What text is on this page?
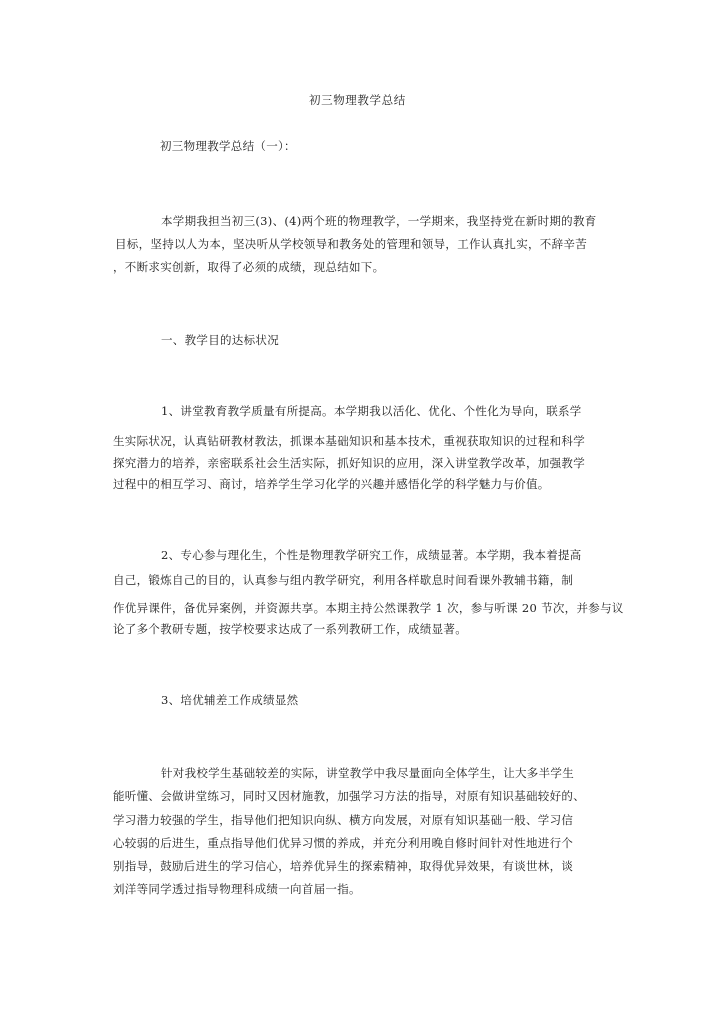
初三物理教学总结

初三物理教学总结（一）：

本学期我担当初三(3)、(4)两个班的物理教学，一学期来，我坚持党在新时期的教育

目标，坚持以人为本，坚决听从学校领导和教务处的管理和领导，工作认真扎实，不辞辛苦

，不断求实创新，取得了必须的成绩，现总结如下。

一、教学目的达标状况

1、讲堂教育教学质量有所提高。本学期我以活化、优化、个性化为导向，联系学

生实际状况，认真钻研教材教法，抓课本基础知识和基本技术，重视获取知识的过程和科学

探究潜力的培养，亲密联系社会生活实际，抓好知识的应用，深入讲堂教学改革，加强教学

过程中的相互学习、商讨，培养学生学习化学的兴趣并感悟化学的科学魅力与价值。

2、专心参与理化生，个性是物理教学研究工作，成绩显著。本学期，我本着提高

自己，锻炼自己的目的，认真参与组内教学研究，利用各样歇息时间看课外教辅书籍，制

作优异课件，备优异案例，并资源共享。本期主持公然课教学 1 次，参与听课 20 节次，并参与议

论了多个教研专题，按学校要求达成了一系列教研工作，成绩显著。

3、培优辅差工作成绩显然

针对我校学生基础较差的实际，讲堂教学中我尽量面向全体学生，让大多半学生

能听懂、会做讲堂练习，同时又因材施教，加强学习方法的指导，对原有知识基础较好的、

学习潜力较强的学生，指导他们把知识向纵、横方向发展，对原有知识基础一般、学习信

心较弱的后进生，重点指导他们优异习惯的养成，并充分利用晚自修时间针对性地进行个

别指导，鼓励后进生的学习信心，培养优异生的探索精神，取得优异效果，有谈世林，谈

刘洋等同学透过指导物理科成绩一向首届一指。
